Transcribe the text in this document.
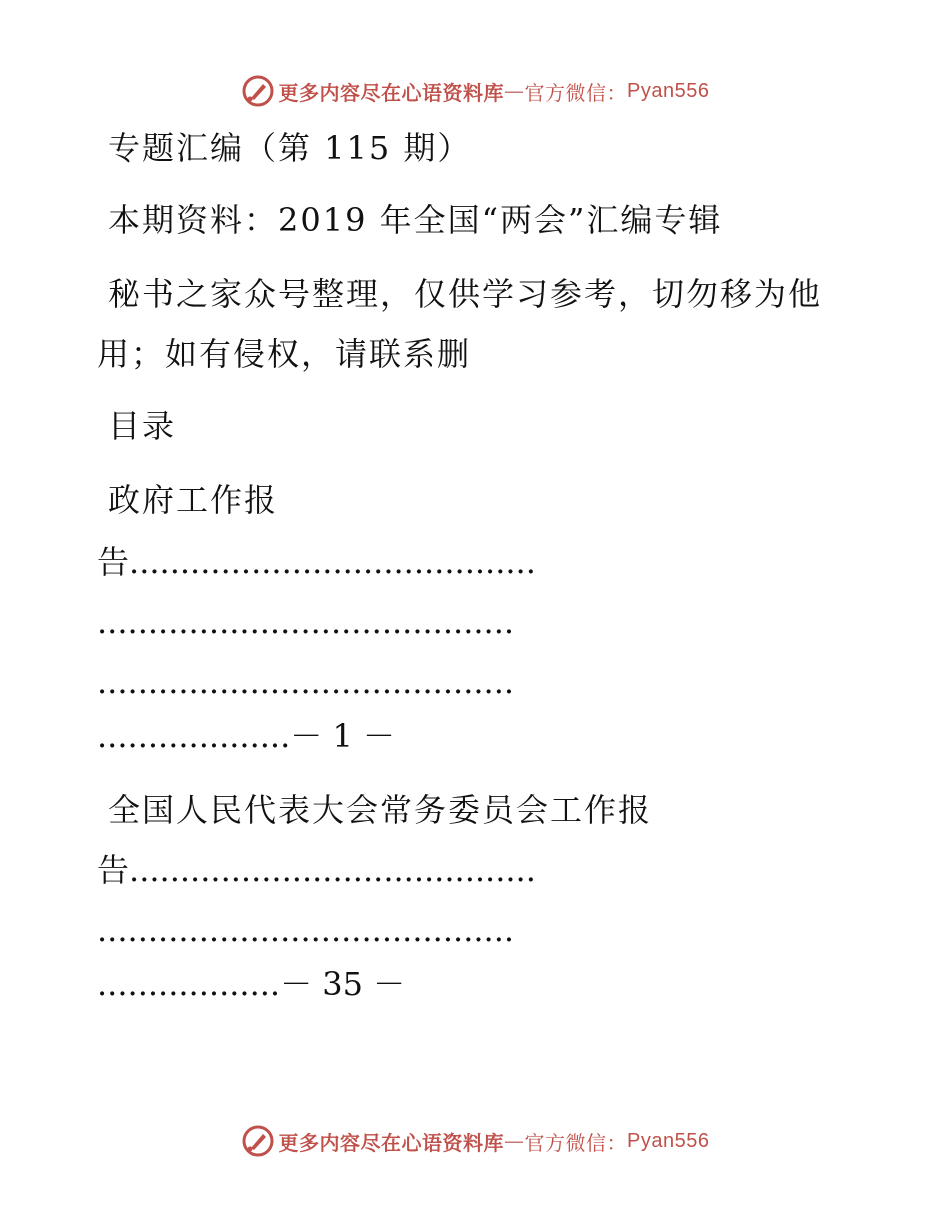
更多内容尽在心语资料库 — 官方微信： Pyan556
专题汇编（第 115 期）
本期资料：2019 年全国“两会”汇编专辑
秘书之家众号整理，仅供学习参考，切勿移为他
用；如有侵权，请联系删
目录
政府工作报
告........................................
.........................................
.........................................
...................－ 1 －
全国人民代表大会常务委员会工作报
告........................................
.........................................
..................－ 35 －
更多内容尽在心语资料库 — 官方微信： Pyan556
